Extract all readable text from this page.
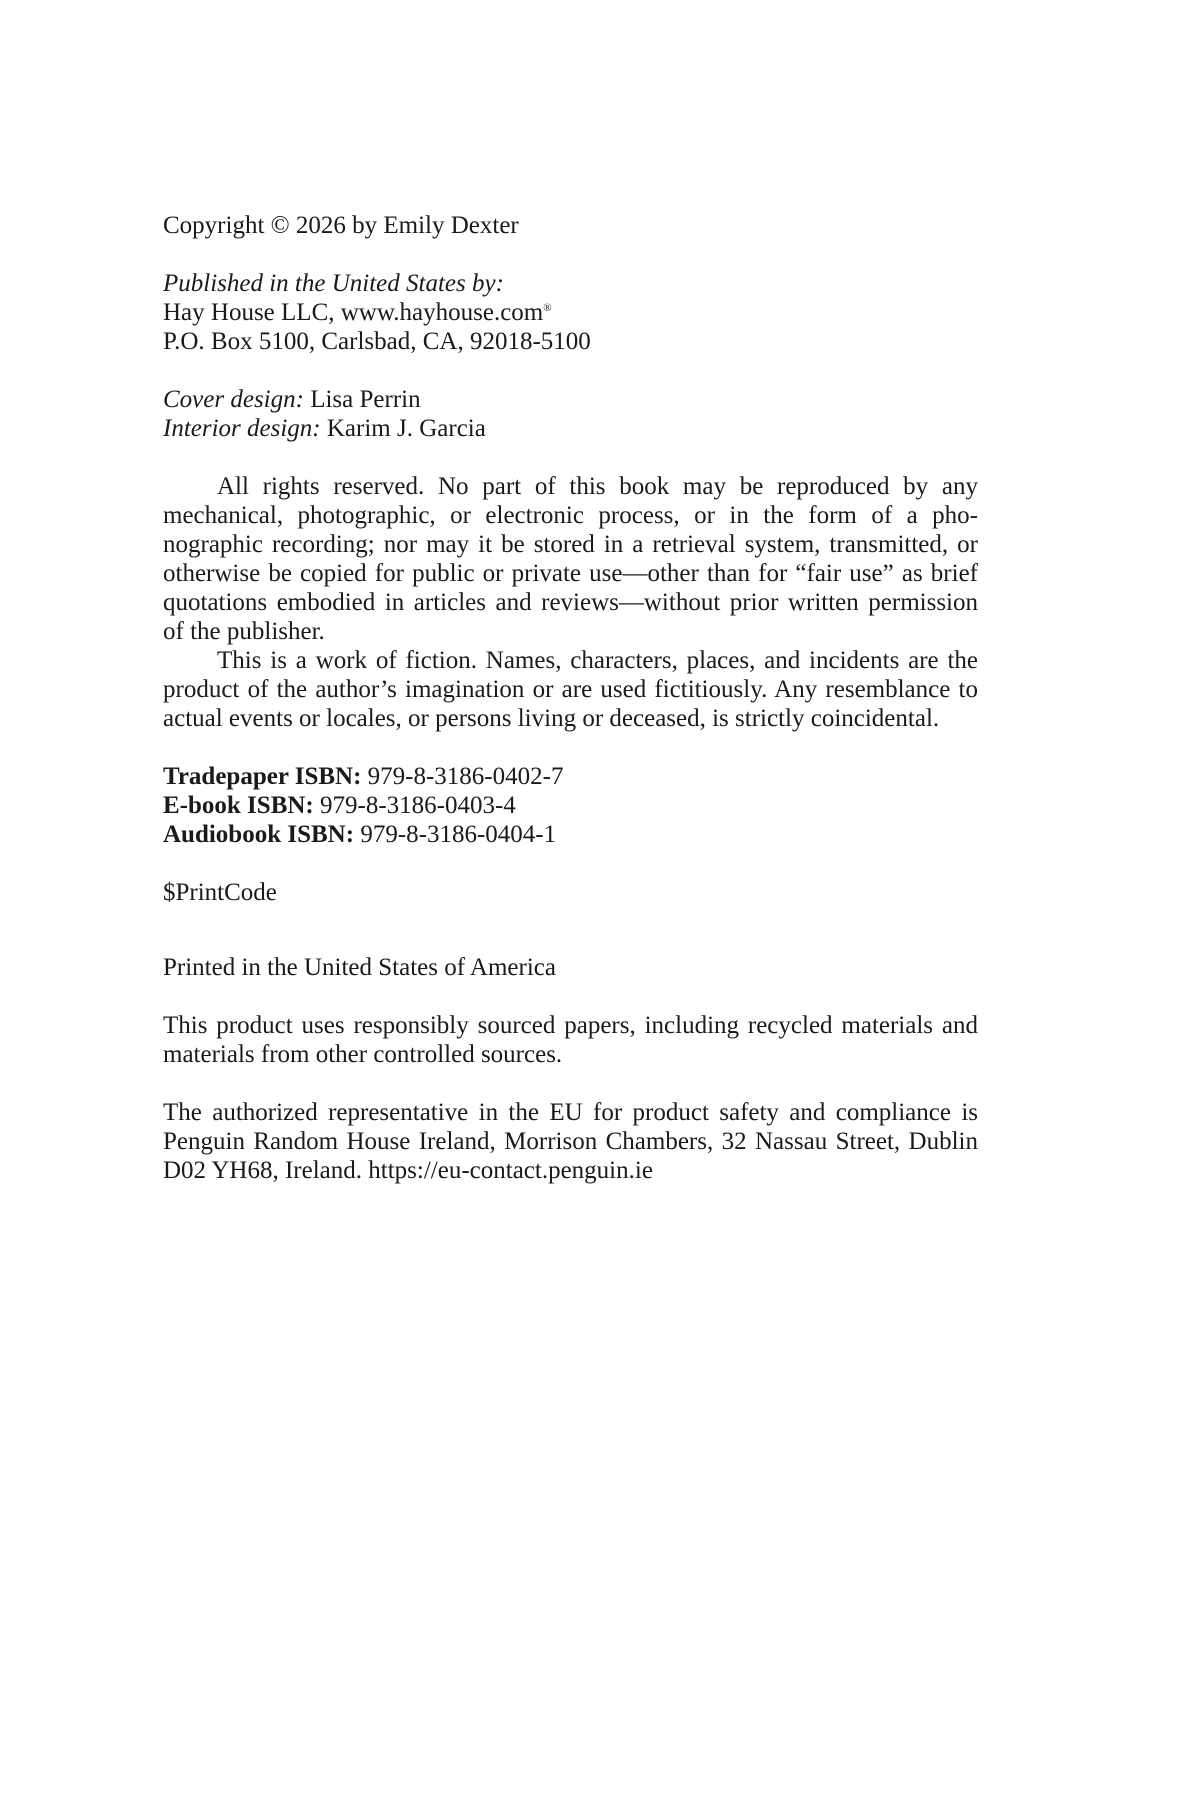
Copyright © 2026 by Emily Dexter

Published in the United States by:
Hay House LLC, www.hayhouse.com®
P.O. Box 5100, Carlsbad, CA, 92018-5100
Cover design: Lisa Perrin
Interior design: Karim J. Garcia

All rights reserved. No part of this book may be reproduced by any mechanical, photographic, or electronic process, or in the form of a phonographic recording; nor may it be stored in a retrieval system, transmitted, or otherwise be copied for public or private use—other than for “fair use” as brief quotations embodied in articles and reviews—without prior written permission of the publisher.

This is a work of fiction. Names, characters, places, and incidents are the product of the author’s imagination or are used fictitiously. Any resemblance to actual events or locales, or persons living or deceased, is strictly coincidental.

Tradepaper ISBN: 979-8-3186-0402-7
E-book ISBN: 979-8-3186-0403-4
Audiobook ISBN: 979-8-3186-0404-1

$PrintCode

Printed in the United States of America

This product uses responsibly sourced papers, including recycled materials and materials from other controlled sources.

The authorized representative in the EU for product safety and compliance is Penguin Random House Ireland, Morrison Chambers, 32 Nassau Street, Dublin D02 YH68, Ireland. https://eu-contact.penguin.ie
